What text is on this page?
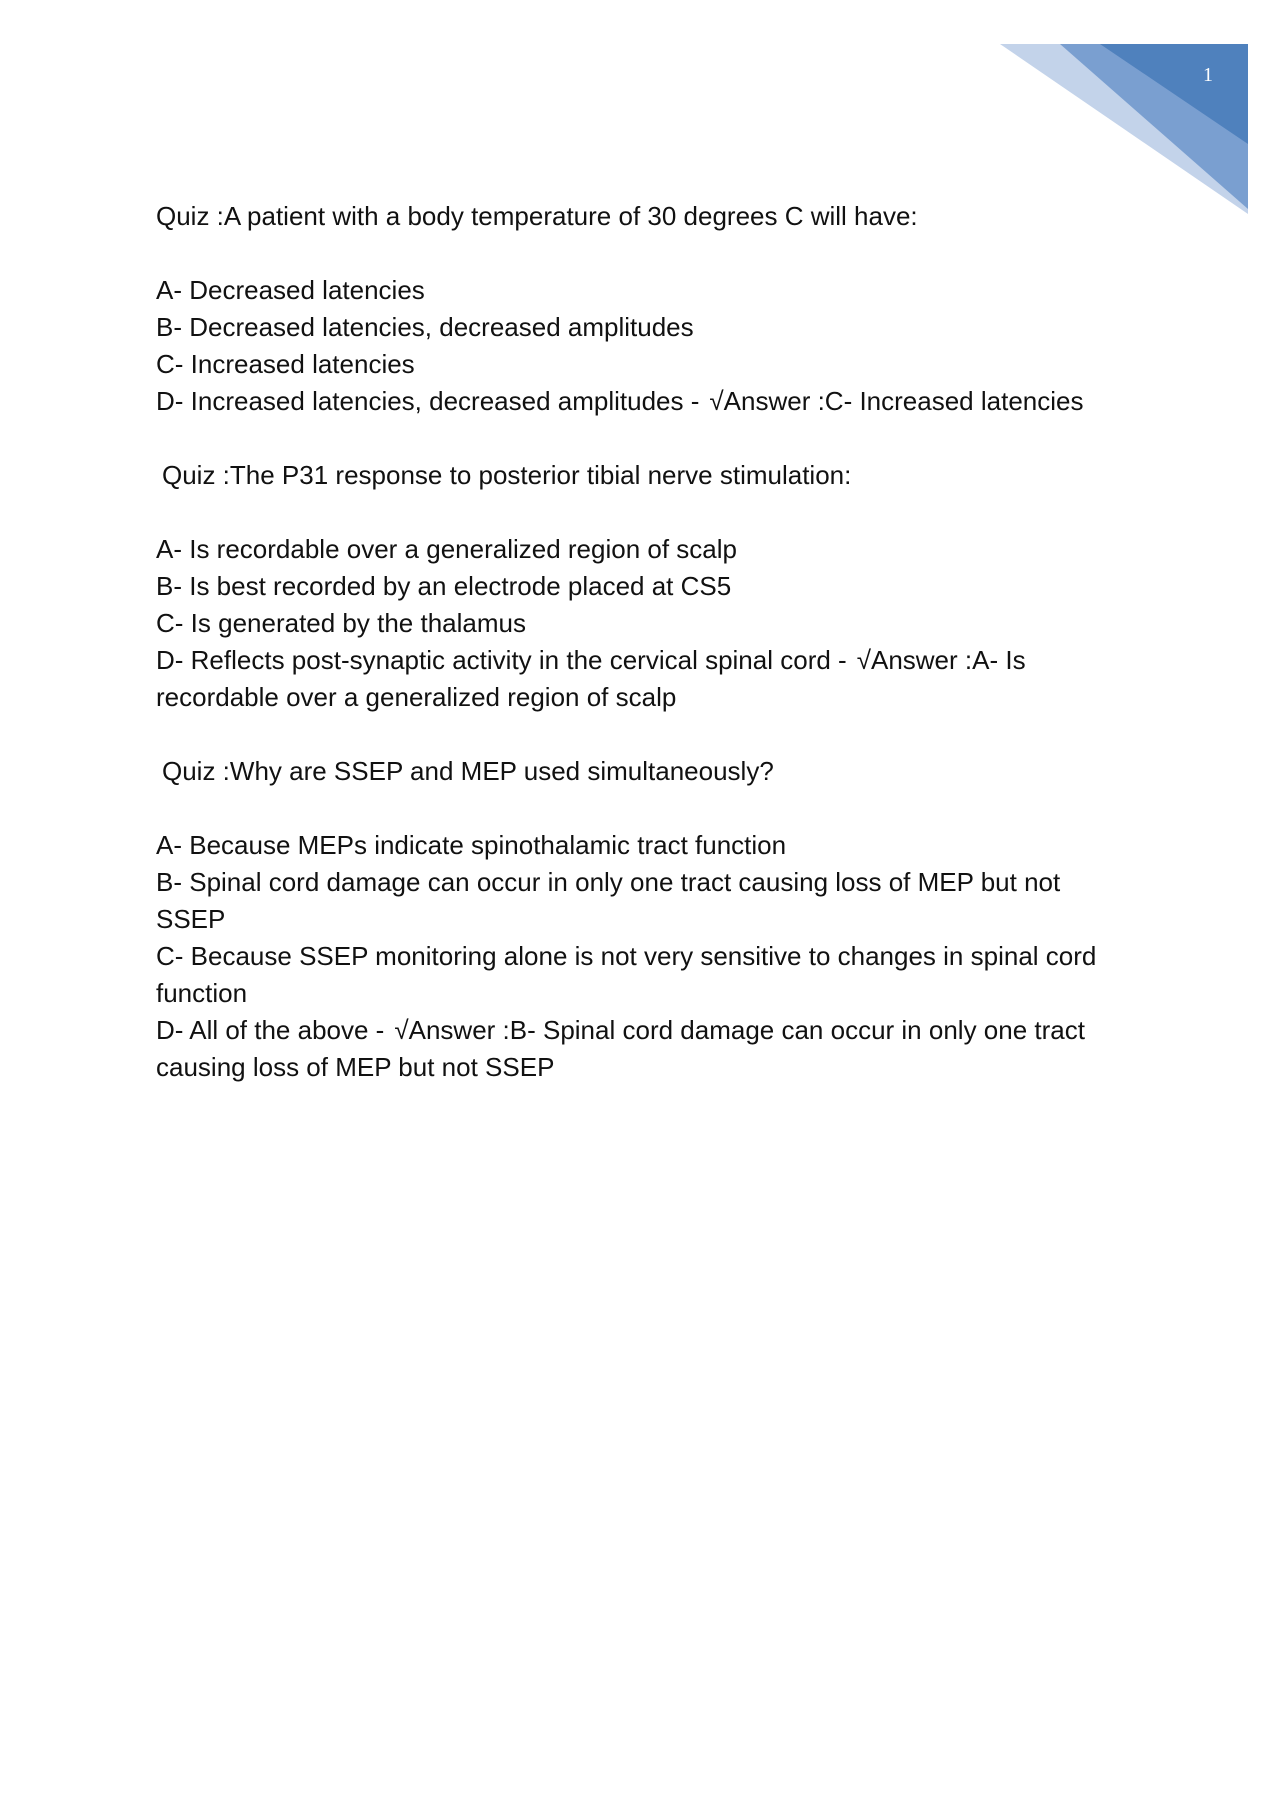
1

Quiz :A patient with a body temperature of 30 degrees C will have:

A- Decreased latencies

B- Decreased latencies, decreased amplitudes

C- Increased latencies

D- Increased latencies, decreased amplitudes - √Answer :C- Increased latencies

Quiz :The P31 response to posterior tibial nerve stimulation:

A- Is recordable over a generalized region of scalp

B- Is best recorded by an electrode placed at CS5

C- Is generated by the thalamus

D- Reflects post-synaptic activity in the cervical spinal cord - √Answer :A- Is recordable over a generalized region of scalp

Quiz :Why are SSEP and MEP used simultaneously?

A- Because MEPs indicate spinothalamic tract function

B- Spinal cord damage can occur in only one tract causing loss of MEP but not SSEP

C- Because SSEP monitoring alone is not very sensitive to changes in spinal cord function

D- All of the above - √Answer :B- Spinal cord damage can occur in only one tract causing loss of MEP but not SSEP
